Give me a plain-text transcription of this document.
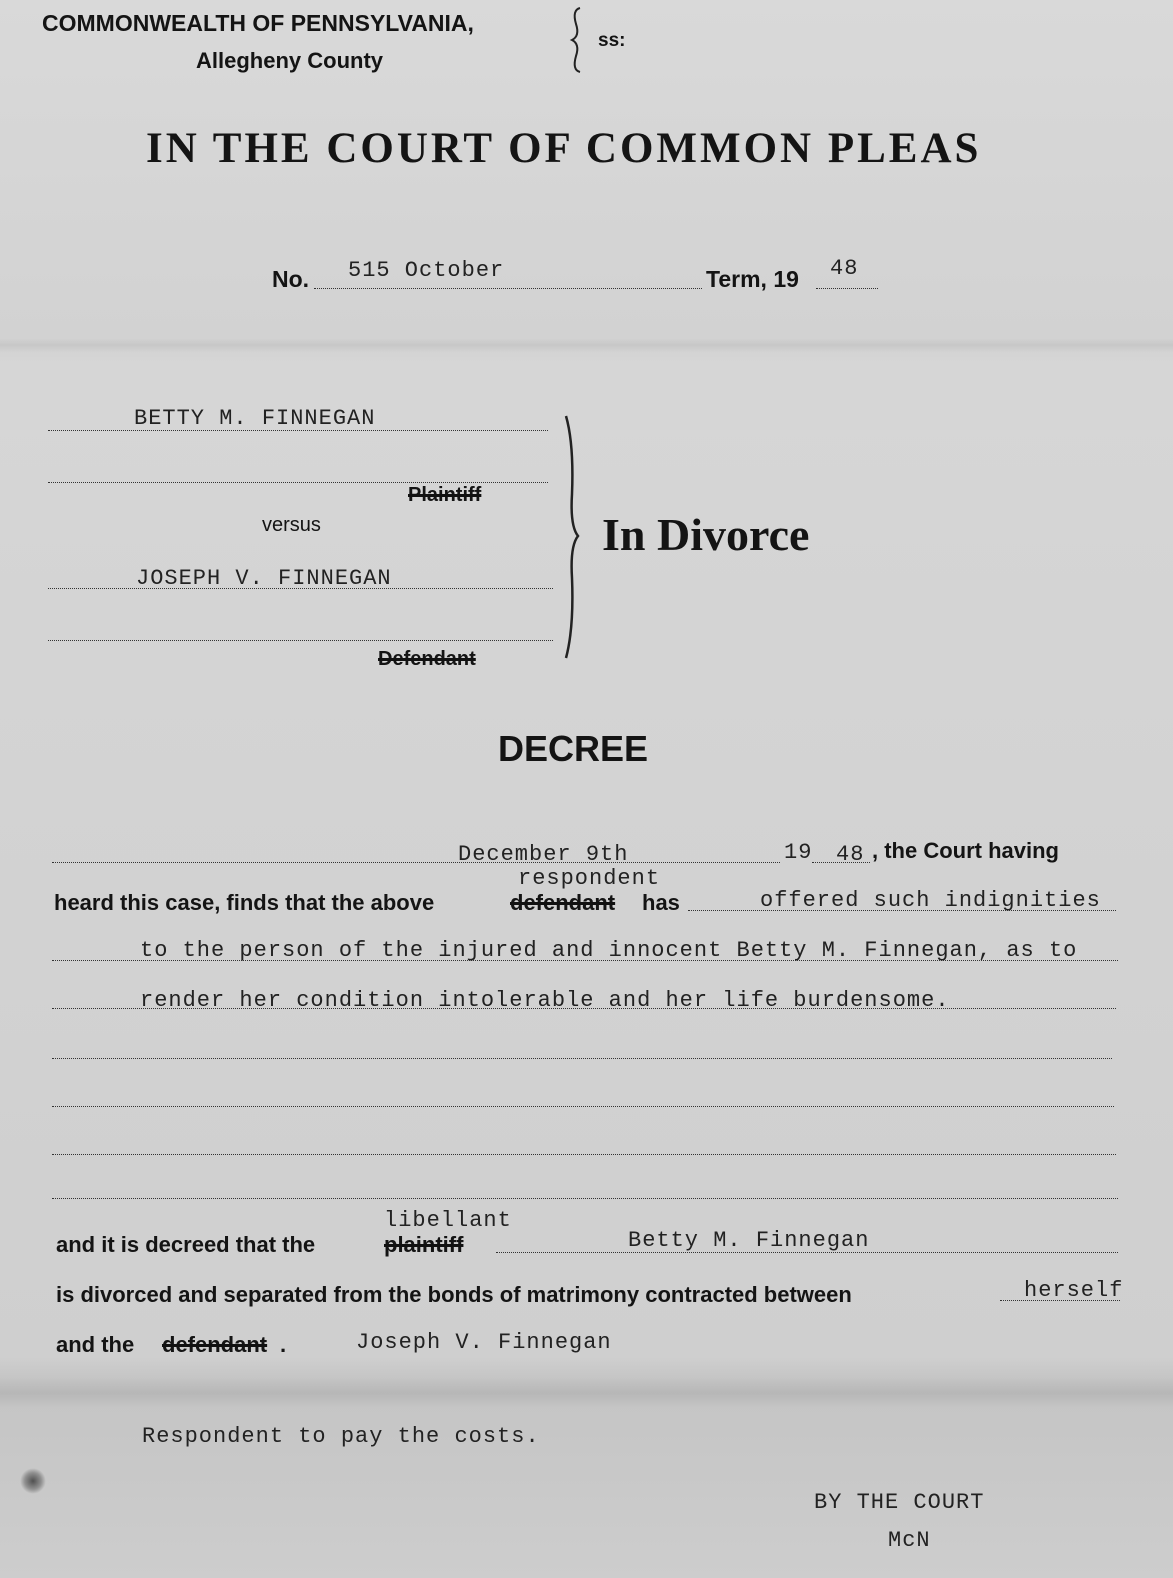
COMMONWEALTH OF PENNSYLVANIA,
Allegheny County
ss:
IN THE COURT OF COMMON PLEAS
No. 515 October	Term, 19 48
BETTY M. FINNEGAN
Plaintiff
versus
JOSEPH V. FINNEGAN
Defendant
In Divorce
DECREE
December 9th	19 48 , the Court having
respondent
heard this case, finds that the above	defendant has	offered such indignities
to the person of the injured and innocent Betty M. Finnegan, as to
render her condition intolerable and her life burdensome.
libellant
and it is decreed that the	plaintiff	Betty M. Finnegan
is divorced and separated from the bonds of matrimony contracted between	herself
and the defendant .	Joseph V. Finnegan
Respondent to pay the costs.
BY THE COURT
McN
